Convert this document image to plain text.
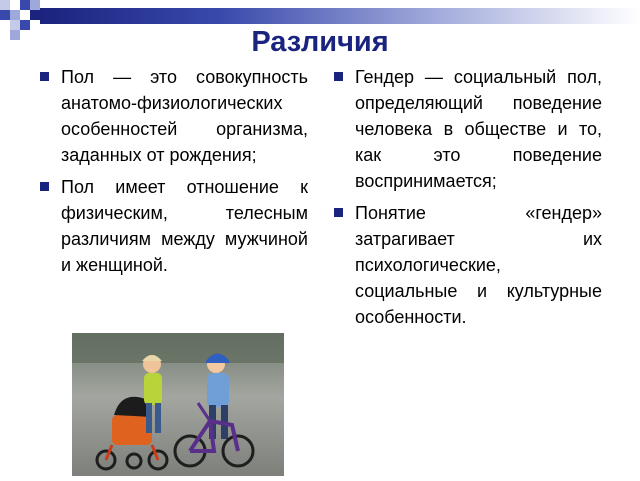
Различия
Пол — это совокупность анатомо-физиологических особенностей организма, заданных от рождения;
Пол имеет отношение к физическим, телесным различиям между мужчиной и женщиной.
Гендер — социальный пол, определяющий поведение человека в обществе и то, как это поведение воспринимается;
Понятие «гендер» затрагивает их психологические, социальные и культурные особенности.
